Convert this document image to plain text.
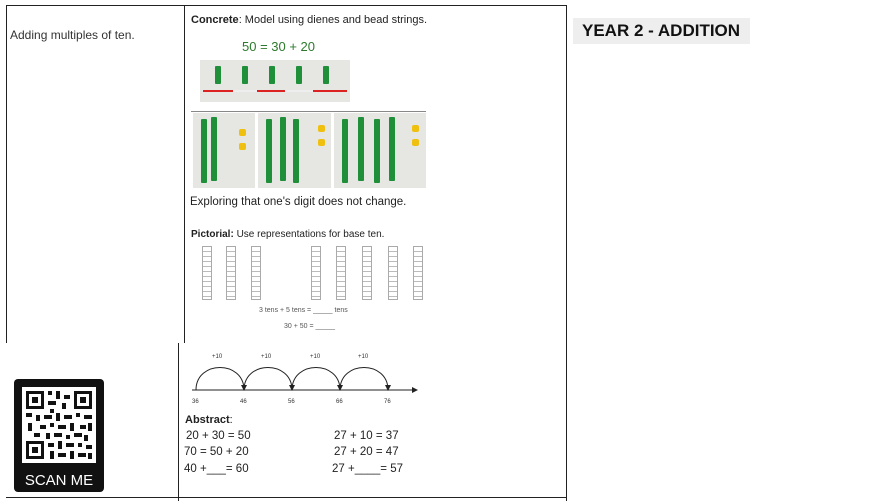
YEAR 2 - ADDITION
Adding multiples of ten.
Concrete: Model using dienes and bead strings.
50 = 30 + 20
Exploring that one's digit does not change.
Pictorial: Use representations for base ten.
3 tens + 5 tens = _____ tens
30 + 50 = _____
+10	+10	+10	+10
36	46	56	66	76
Abstract:
20 + 30 = 50
70 = 50 + 20
40 +___= 60
27 + 10 = 37
27 + 20 = 47
27 +____= 57
SCAN ME
